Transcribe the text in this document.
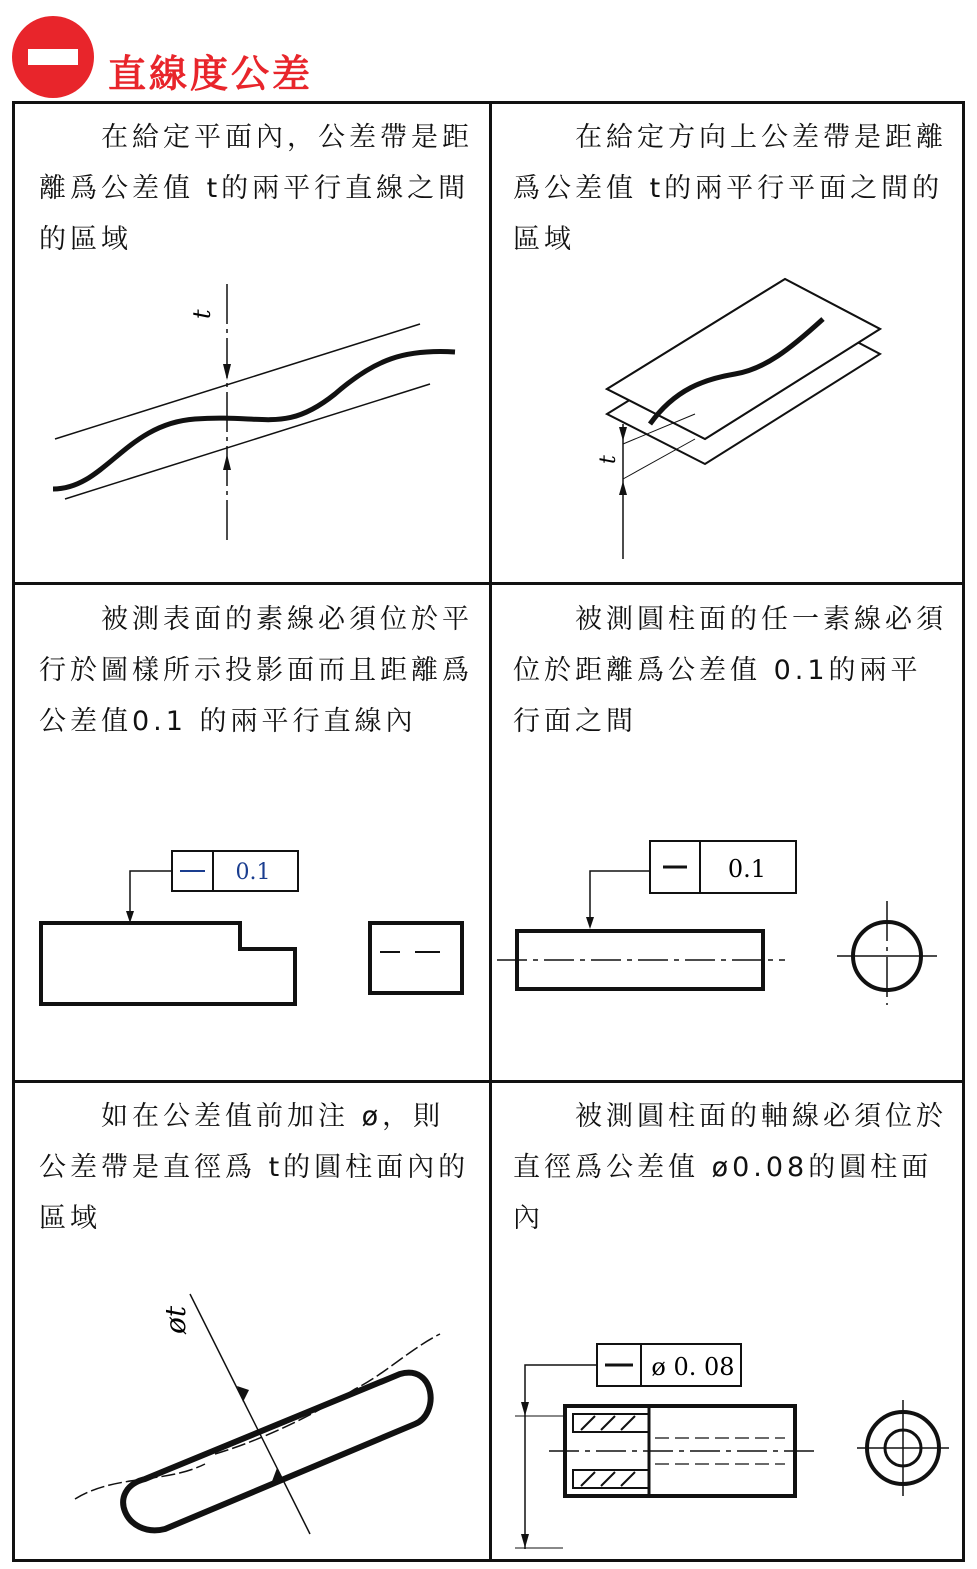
直線度公差
在給定平面內，公差帶是距離爲公差值 t的兩平行直線之間的區域
在給定方向上公差帶是距離爲公差值 t的兩平行平面之間的區域
被測表面的素線必須位於平行於圖樣所示投影面而且距離爲公差值0.1 的兩平行直線內
被測圓柱面的任一素線必須位於距離爲公差值 0.1的兩平行面之間
如在公差值前加注 ø，則公差帶是直徑爲 t的圓柱面內的區域
被測圓柱面的軸線必須位於直徑爲公差值 ø0.08的圓柱面內
t
t
0.1	0.1
øt
ø 0. 08
